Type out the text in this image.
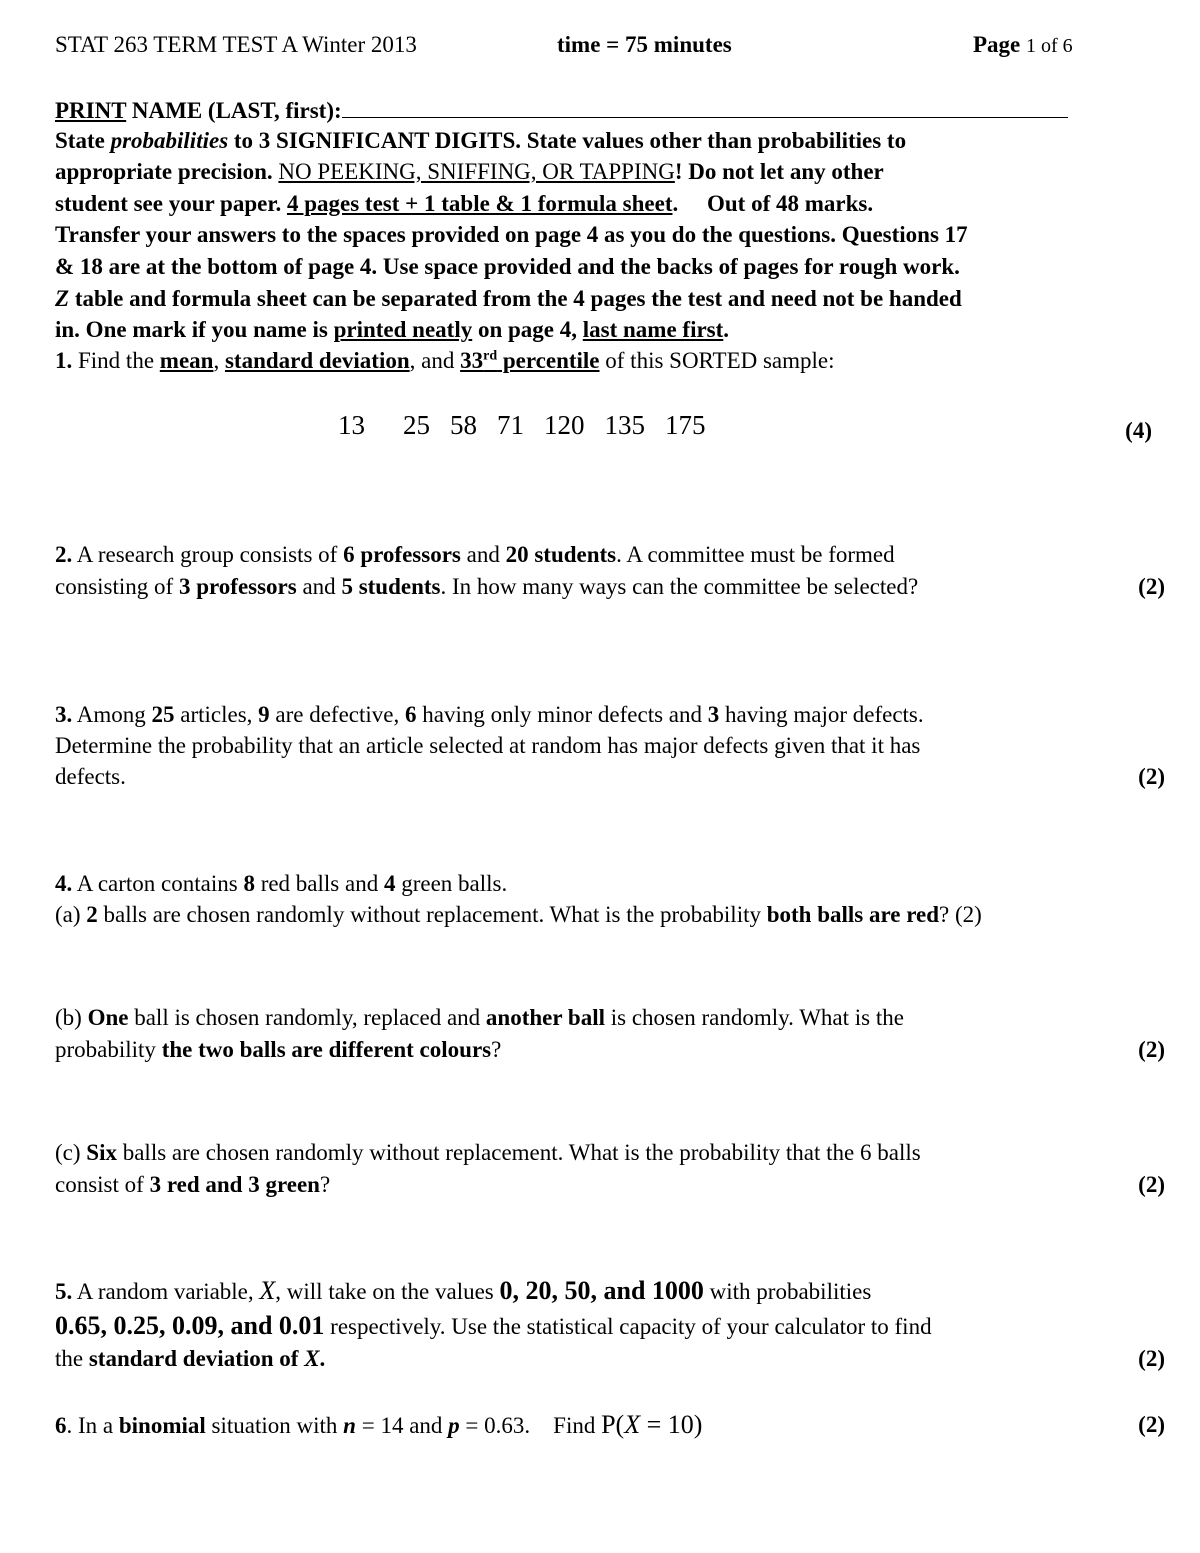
STAT 263 TERM TEST A Winter 2013	time = 75 minutes	Page 1 of 6
PRINT NAME (LAST, first):
State probabilities to 3 SIGNIFICANT DIGITS. State values other than probabilities to
appropriate precision. NO PEEKING, SNIFFING, OR TAPPING! Do not let any other
student see your paper. 4 pages test + 1 table & 1 formula sheet.     Out of 48 marks.
Transfer your answers to the spaces provided on page 4 as you do the questions. Questions 17
& 18 are at the bottom of page 4. Use space provided and the backs of pages for rough work.
Z table and formula sheet can be separated from the 4 pages the test and need not be handed
in. One mark if you name is printed neatly on page 4, last name first.
1. Find the mean, standard deviation, and 33rd percentile of this SORTED sample:
13 25 58 71 120 135 175	(4)
2. A research group consists of 6 professors and 20 students. A committee must be formed
consisting of 3 professors and 5 students. In how many ways can the committee be selected?	(2)
3. Among 25 articles, 9 are defective, 6 having only minor defects and 3 having major defects.
Determine the probability that an article selected at random has major defects given that it has
defects.	(2)
4. A carton contains 8 red balls and 4 green balls.
(a) 2 balls are chosen randomly without replacement. What is the probability both balls are red? (2)
(b) One ball is chosen randomly, replaced and another ball is chosen randomly. What is the
probability the two balls are different colours?	(2)
(c) Six balls are chosen randomly without replacement. What is the probability that the 6 balls
consist of 3 red and 3 green?	(2)
5. A random variable, X, will take on the values 0, 20, 50, and 1000 with probabilities
0.65, 0.25, 0.09, and 0.01 respectively. Use the statistical capacity of your calculator to find
the standard deviation of X.	(2)
6. In a binomial situation with n = 14 and p = 0.63.    Find P(X = 10)	(2)
